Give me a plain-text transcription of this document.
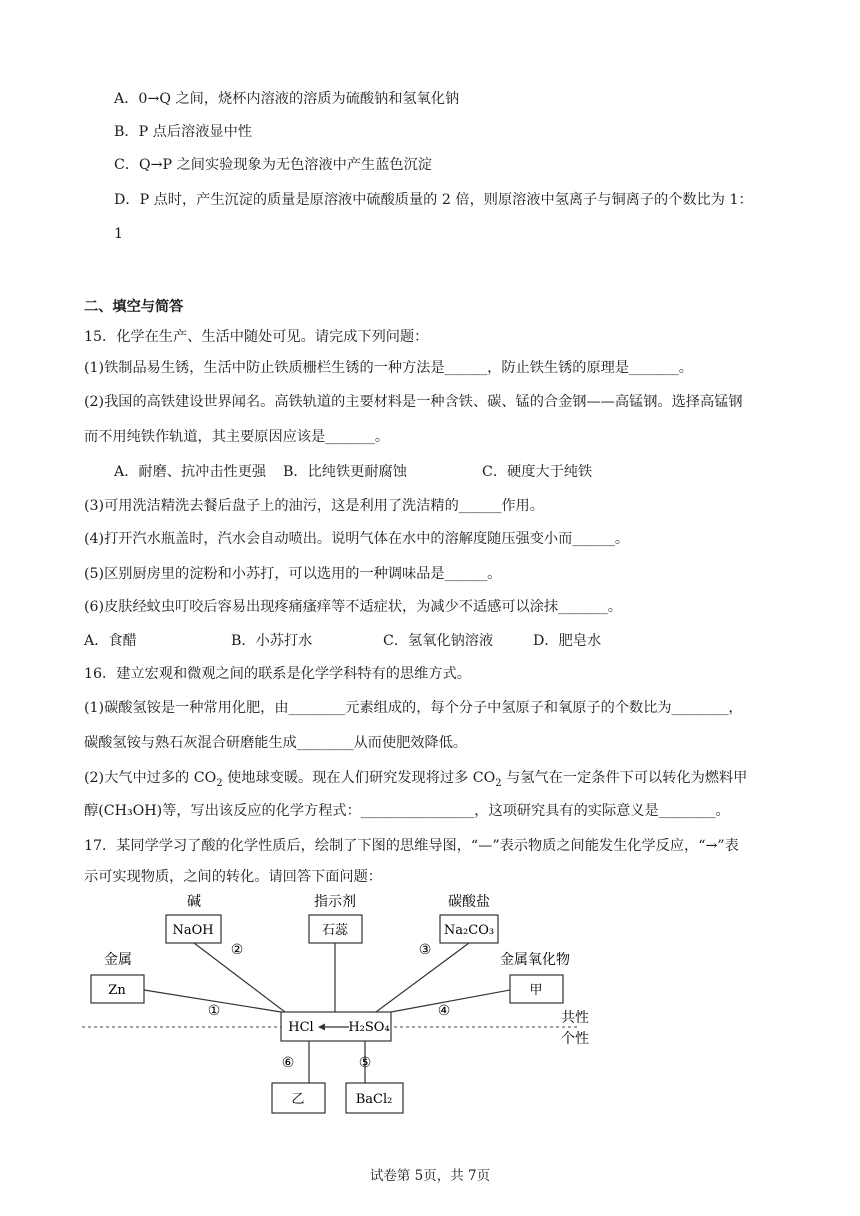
A．0→Q 之间，烧杯内溶液的溶质为硫酸钠和氢氧化钠
B．P 点后溶液显中性
C．Q→P 之间实验现象为无色溶液中产生蓝色沉淀
D．P 点时，产生沉淀的质量是原溶液中硫酸质量的 2 倍，则原溶液中氢离子与铜离子的个数比为 1：
1
二、填空与简答
15．化学在生产、生活中随处可见。请完成下列问题：
(1)铁制品易生锈，生活中防止铁质栅栏生锈的一种方法是______，防止铁生锈的原理是_______。
(2)我国的高铁建设世界闻名。高铁轨道的主要材料是一种含铁、碳、锰的合金钢——高锰钢。选择高锰钢
而不用纯铁作轨道，其主要原因应该是_______。
A．耐磨、抗冲击性更强 B．比纯铁更耐腐蚀	C．硬度大于纯铁
(3)可用洗洁精洗去餐后盘子上的油污，这是利用了洗洁精的______作用。
(4)打开汽水瓶盖时，汽水会自动喷出。说明气体在水中的溶解度随压强变小而______。
(5)区别厨房里的淀粉和小苏打，可以选用的一种调味品是______。
(6)皮肤经蚊虫叮咬后容易出现疼痛瘙痒等不适症状，为减少不适感可以涂抹_______。
A．食醋	B．小苏打水	C．氢氧化钠溶液	D．肥皂水
16．建立宏观和微观之间的联系是化学学科特有的思维方式。
(1)碳酸氢铵是一种常用化肥，由________元素组成的，每个分子中氢原子和氧原子的个数比为________，
碳酸氢铵与熟石灰混合研磨能生成________从而使肥效降低。
(2)大气中过多的 $CO_2$ 使地球变暖。现在人们研究发现将过多 $CO_2$ 与氢气在一定条件下可以转化为燃料甲
醇(CH₃OH)等，写出该反应的化学方程式：________________，这项研究具有的实际意义是________。
17．某同学学习了酸的化学性质后，绘制了下图的思维导图，“—”表示物质之间能发生化学反应，“→”表
示可实现物质，之间的转化。请回答下面问题：
碱	指示剂	碳酸盐
金属	金属氧化物
NaOH	石蕊	Na₂CO₃
Zn	甲
HCl	H₂SO₄
乙	BaCl₂
①
②	③
④
⑤
⑥
共性
个性
试卷第 5页，共 7页
